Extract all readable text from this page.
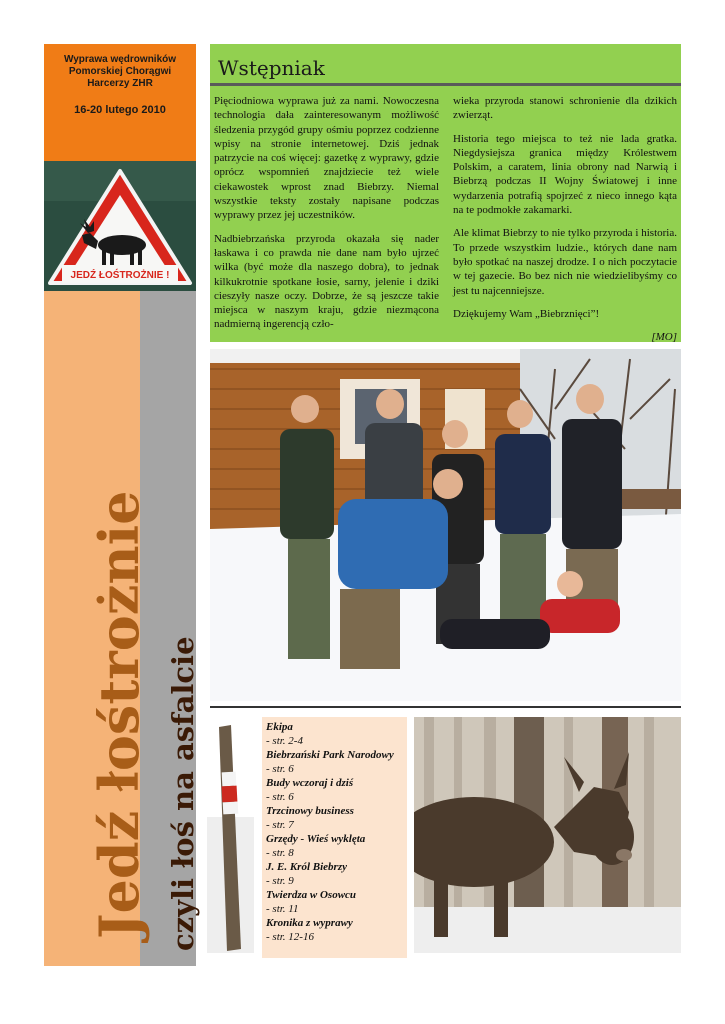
Wyprawa wędrowników
Pomorskiej Chorągwi
Harcerzy ZHR
16-20 lutego 2010
JEDŹ ŁOŚTROŻNIE !
Jedź łośtrożnie czyli łoś na asfalcie
Wstępniak

Pięciodniowa wyprawa już za nami. Nowoczesna technologia dała zainteresowanym możliwość śledzenia przygód grupy ośmiu poprzez codzienne wpisy na stronie internetowej. Dziś jednak patrzycie na coś więcej: gazetkę z wyprawy, gdzie oprócz wspomnień znajdziecie też wiele ciekawostek wprost znad Biebrzy. Niemal wszystkie teksty zostały napisane podczas wyprawy przez jej uczestników.

Nadbiebrzańska przyroda okazała się nader łaskawa i co prawda nie dane nam było ujrzeć wilka (być może dla naszego dobra), to jednak kilkukrotnie spotkane łosie, sarny, jelenie i dziki cieszyły nasze oczy. Dobrze, że są jeszcze takie miejsca w naszym kraju, gdzie niezmącona nadmierną ingerencją czło-

wieka przyroda stanowi schronienie dla dzikich zwierząt.

Historia tego miejsca to też nie lada gratka. Niegdysiejsza granica między Królestwem Polskim, a caratem, linia obrony nad Narwią i Biebrzą podczas II Wojny Światowej i inne wydarzenia potrafią spojrzeć z nieco innego kąta na te podmokłe zakamarki.

Ale klimat Biebrzy to nie tylko przyroda i historia. To przede wszystkim ludzie., których dane nam było spotkać na naszej drodze. I o nich poczytacie w tej gazecie. Bo bez nich nie wiedzielibyśmy co jest tu najcenniejsze.

Dziękujemy Wam „Biebrznięci”!

[MO]
Ekipa
- str. 2-4
Biebrzański Park Narodowy
- str. 6
Budy wczoraj i dziś
- str. 6
Trzcinowy business
- str. 7
Grzędy - Wieś wyklęta
- str. 8
J. E. Król Biebrzy
- str. 9
Twierdza w Osowcu
- str. 11
Kronika z wyprawy
- str. 12-16
